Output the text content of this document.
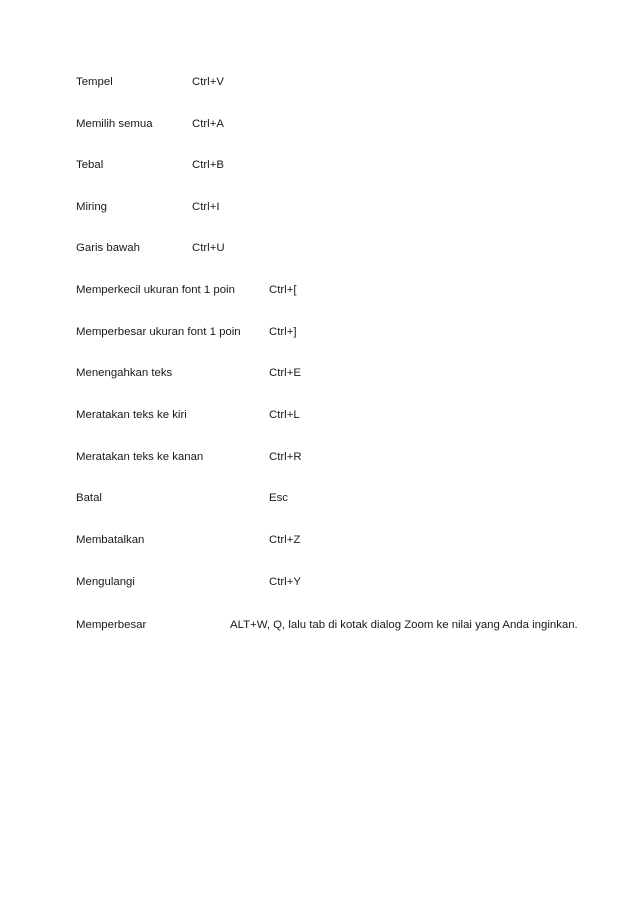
Tempel	Ctrl+V
Memilih semua	Ctrl+A
Tebal	Ctrl+B
Miring	Ctrl+I
Garis bawah	Ctrl+U
Memperkecil ukuran font 1 poin	Ctrl+[
Memperbesar ukuran font 1 poin Ctrl+]
Menengahkan teks	Ctrl+E
Meratakan teks ke kiri	Ctrl+L
Meratakan teks ke kanan	Ctrl+R
Batal	Esc
Membatalkan	Ctrl+Z
Mengulangi	Ctrl+Y
Memperbesar	ALT+W, Q, lalu tab di kotak dialog Zoom ke nilai yang Anda inginkan.
